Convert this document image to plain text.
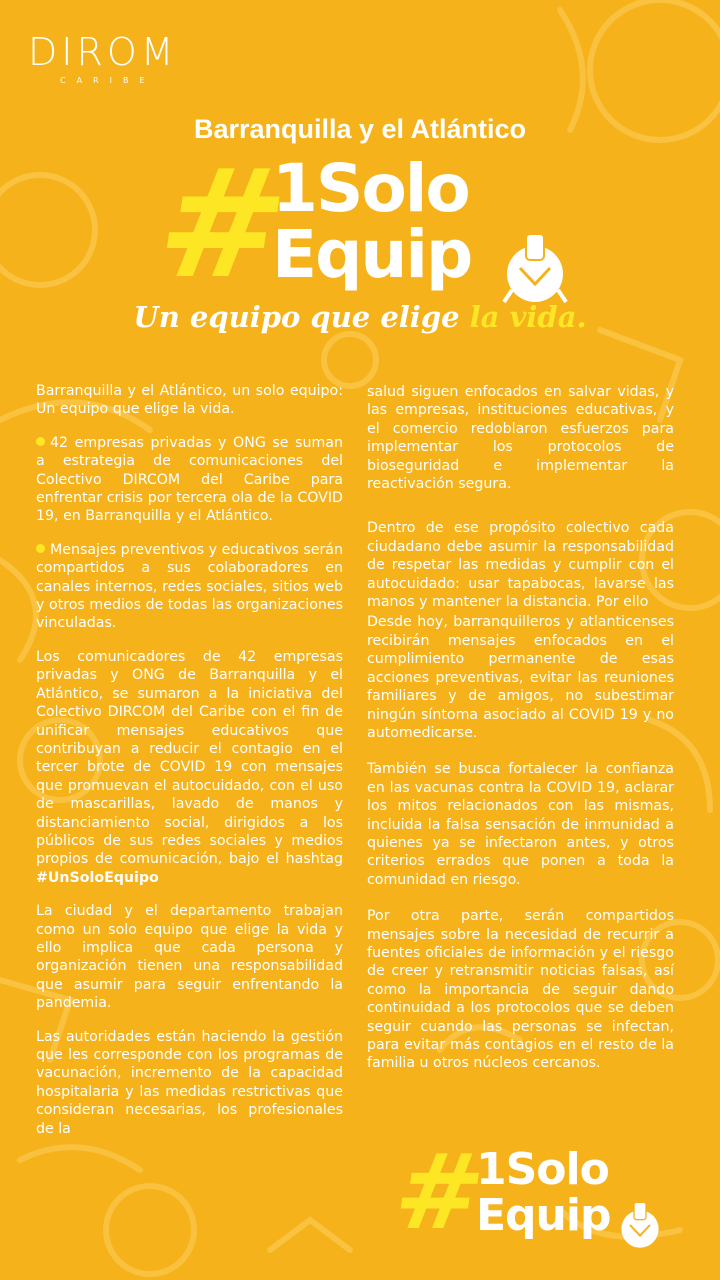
DIROM
CARIBE
Barranquilla y el Atlántico
#
1Solo
Equip
Un equipo que elige la vida.

Barranquilla y el Atlántico, un solo equipo: Un equipo que elige la vida.

42 empresas privadas y ONG se suman a estrategia de comunicaciones del Colectivo DIRCOM del Caribe para enfrentar crisis por tercera ola de la COVID 19, en Barranquilla y el Atlántico.

Mensajes preventivos y educativos serán compartidos a sus colaboradores en canales internos, redes sociales, sitios web y otros medios de todas las organizaciones vinculadas.

Los comunicadores de 42 empresas privadas y ONG de Barranquilla y el Atlántico, se sumaron a la iniciativa del Colectivo DIRCOM del Caribe con el fin de unificar mensajes educativos que contribuyan a reducir el contagio en el tercer brote de COVID 19 con mensajes que promuevan el autocuidado, con el uso de mascarillas, lavado de manos y distanciamiento social, dirigidos a los públicos de sus redes sociales y medios propios de comunicación, bajo el hashtag #UnSoloEquipo

La ciudad y el departamento trabajan como un solo equipo que elige la vida y ello implica que cada persona y organización tienen una responsabilidad que asumir para seguir enfrentando la pandemia.

Las autoridades están haciendo la gestión que les corresponde con los programas de vacunación, incremento de la capacidad hospitalaria y las medidas restrictivas que consideran necesarias, los profesionales de la

salud siguen enfocados en salvar vidas, y las empresas, instituciones educativas, y el comercio redoblaron esfuerzos para implementar los protocolos de bioseguridad e implementar la reactivación segura.

Dentro de ese propósito colectivo cada ciudadano debe asumir la responsabilidad de respetar las medidas y cumplir con el autocuidado: usar tapabocas, lavarse las manos y mantener la distancia. Por ello

Desde hoy, barranquilleros y atlanticenses recibirán mensajes enfocados en el cumplimiento permanente de esas acciones preventivas, evitar las reuniones familiares y de amigos, no subestimar ningún síntoma asociado al COVID 19 y no automedicarse.

También se busca fortalecer la confianza en las vacunas contra la COVID 19, aclarar los mitos relacionados con las mismas, incluida la falsa sensación de inmunidad a quienes ya se infectaron antes, y otros criterios errados que ponen a toda la comunidad en riesgo.

Por otra parte, serán compartidos mensajes sobre la necesidad de recurrir a fuentes oficiales de información y el riesgo de creer y retransmitir noticias falsas, así como la importancia de seguir dando continuidad a los protocolos que se deben seguir cuando las personas se infectan, para evitar más contagios en el resto de la familia u otros núcleos cercanos.

#
1Solo
Equip
